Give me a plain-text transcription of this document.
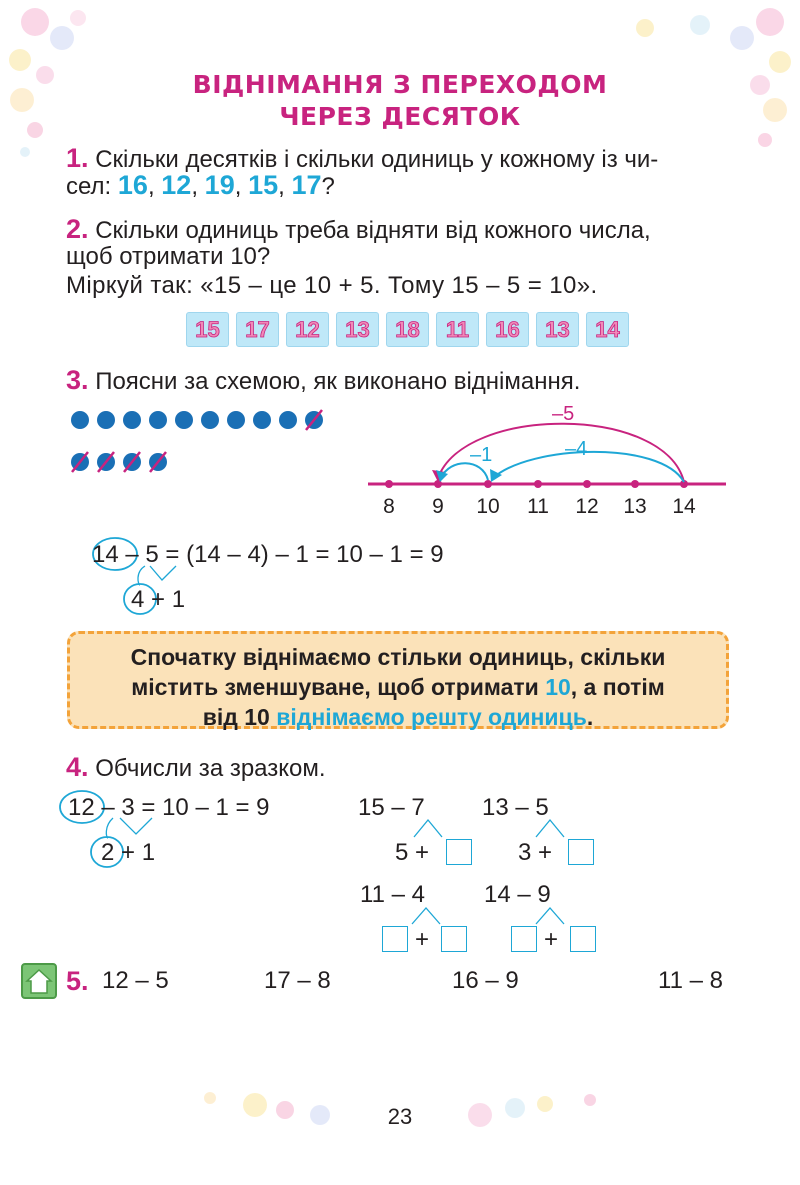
ВІДНІМАННЯ З ПЕРЕХОДОМ
ЧЕРЕЗ ДЕСЯТОК
1. Скільки десятків і скільки одиниць у кожному із чи-
сел: 16, 12, 19, 15, 17?
2. Скільки одиниць треба відняти від кожного числа,
щоб отримати 10?
Міркуй так: «15 – це 10 + 5. Тому 15 – 5 = 10».
15	17	12	13	18	11	16	13	14
3. Поясни за схемою, як виконано віднімання.
8 9 10 11 12 13 14
–5
–1	–4
14 – 5 = (14 – 4) – 1 = 10 – 1 = 9
4 + 1
Спочатку віднімаємо стільки одиниць, скільки
містить зменшуване, щоб отримати 10, а потім
від 10 віднімаємо решту одиниць.
4. Обчисли за зразком.
12 – 3 = 10 – 1 = 9
2 + 1
15 – 7
5 +
13 – 5
3 +
11 – 4
+
14 – 9
+
5. 12 – 5	17 – 8	16 – 9	11 – 8
23
